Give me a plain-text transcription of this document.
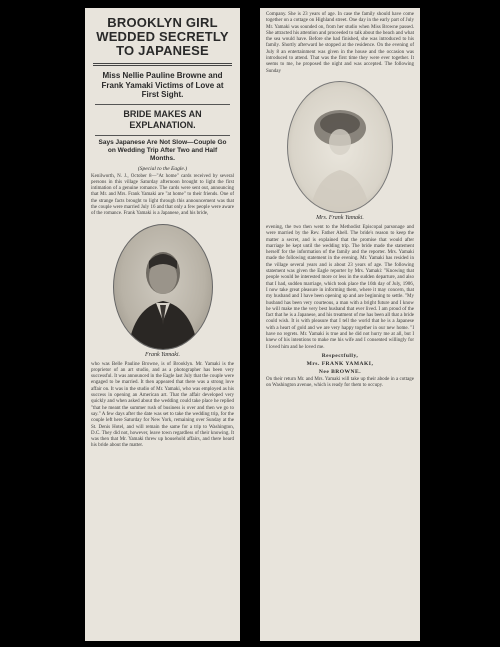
BROOKLYN GIRL WEDDED SECRETLY TO JAPANESE
Miss Nellie Pauline Browne and Frank Yamaki Victims of Love at First Sight.
BRIDE MAKES AN EXPLANATION.
Says Japanese Are Not Slow—Couple Go on Wedding Trip After Two and Half Months.
(Special to the Eagle.)

Kenilworth, N. J., October 8—"At home" cards received by several persons in this village Saturday afternoon brought to light the first intimation of a genuine romance. The cards were sent out, announcing that Mr. and Mrs. Frank Yamaki are "at home" to their friends. One of the strange facts brought to light through this announcement was that the couple were married July 16 and that only a few people were aware of the romance. Frank Yamaki is a Japanese, and his bride,

Frank Yamaki.

who was Belle Pauline Browne, is of Brooklyn. Mr. Yamaki is the proprietor of an art studio, and as a photographer has been very successful. It was announced in the Eagle last July that the couple were engaged to be married. It then appeared that there was a strong love affair on. It was in the studio of Mr. Yamaki, who was employed as his success in opening an American art. That the affair developed very quickly and when asked about the wedding could take place he replied "that he meant the summer rush of business is over and then we go to say." A few days after the date was set to take the wedding trip, for the couple left here Saturday for New York, remaining over Sunday at the St. Denis Hotel, and will remain the same for a trip to Washington, D.C. They did not, however, leave town regardless of their knowing. It was then that Mr. Yamaki threw up household affairs, and there heard his bride about the matter.

Company. She is 23 years of age. In case the family should have come together on a cottage on Highland street. One day in the early part of July Mr. Yamaki was sounded on, from her studio when Miss Browne passed. She attracted his attention and proceeded to talk about the beach and what the sea would have. Before she had finished, she was introduced to his family. Shortly afterward he stopped at the residence. On the evening of July 8 an entertainment was given in the house and the occasion was introduced to attend. That was the first time they were ever together. It seems to me, he proposed the night and was accepted. The following Sunday

Mrs. Frank Yamaki.

evening, the two then went to the Methodist Episcopal parsonage and were married by the Rev. Father Abell. The bride's reason to keep the matter a secret, and is explained that the promise that would after marriage be kept until the wedding trip. The bride made the statement herself for the information of the family and the reporter. Mrs. Yamaki made the following statement in the evening. Mr. Yamaki has resided in the village several years and is about 23 years of age. The following statement was given the Eagle reporter by Mrs. Yamaki: "Knowing that people would be interested more or less in the sudden departure, and also that I had, sudden marriage, which took place the 16th day of July, 1906, I now take great pleasure in informing them, where it may concern, that my husband and I have been opening up and are beginning to settle. "My husband has been very courteous, a man with a bright future and I know he will make me the very best husband that ever lived. I am proud of the fact that he is a Japanese, and his treatment of me has been all that a bride could wish. It is with pleasure that I tell the world that he is a Japanese with a heart of gold and we are very happy together in our new home. "I have no regrets. Mr. Yamaki is true and he did not hurry me at all, but I knew of his intentions to make me his wife and I consented willingly for I loved him and he loved me.

Respectfully,
Mrs. FRANK YAMAKI,
Nee BROWNE.

On their return Mr. and Mrs. Yamaki will take up their abode in a cottage on Washington avenue, which is ready for them to occupy.
